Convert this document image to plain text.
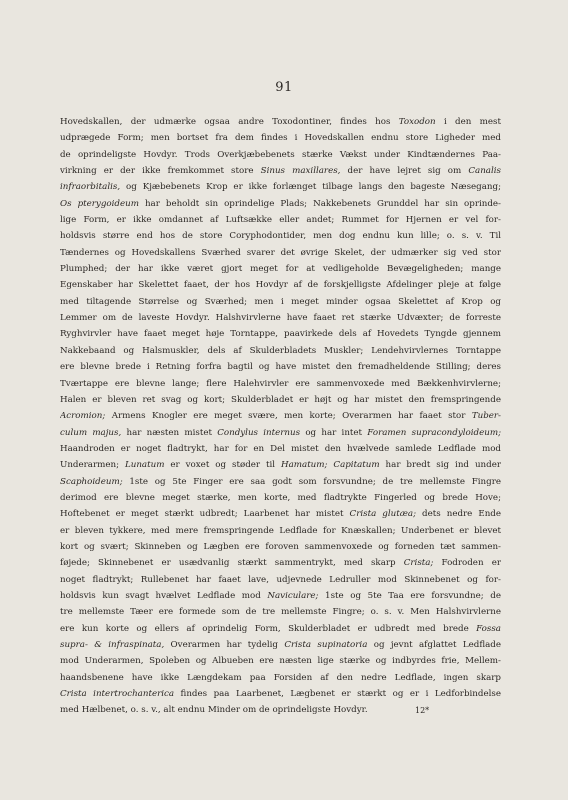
91
Hovedskallen, der udmærke ogsaa andre Toxodontiner, findes hos Toxodon i den mest
udprægede Form; men bortset fra dem findes i Hovedskallen endnu store Ligheder med
de oprindeligste Hovdyr. Trods Overkjæbebenets stærke Vækst under Kindtændernes Paa-
virkning er der ikke fremkommet store Sinus maxillares, der have lejret sig om Canalis
infraorbitalis, og Kjæbebenets Krop er ikke forlænget tilbage langs den bageste Næsegang;
Os pterygoideum har beholdt sin oprindelige Plads; Nakkebenets Grunddel har sin oprinde-
lige Form, er ikke omdannet af Luftsække eller andet; Rummet for Hjernen er vel for-
holdsvis større end hos de store Coryphodontider, men dog endnu kun lille; o. s. v. Til
Tændernes og Hovedskallens Sværhed svarer det øvrige Skelet, der udmærker sig ved stor
Plumphed; der har ikke været gjort meget for at vedligeholde Bevægeligheden; mange
Egenskaber har Skelettet faaet, der hos Hovdyr af de forskjelligste Afdelinger pleje at følge
med tiltagende Størrelse og Sværhed; men i meget minder ogsaa Skelettet af Krop og
Lemmer om de laveste Hovdyr. Halshvirvlerne have faaet ret stærke Udvæxter; de forreste
Ryghvirvler have faaet meget høje Torntappe, paavirkede dels af Hovedets Tyngde gjennem
Nakkebaand og Halsmuskler, dels af Skulderbladets Muskler; Lendehvirvlernes Torntappe
ere blevne brede i Retning forfra bagtil og have mistet den fremadheldende Stilling; deres
Tværtappe ere blevne lange; flere Halehvirvler ere sammenvoxede med Bækkenhvirvlerne;
Halen er bleven ret svag og kort; Skulderbladet er højt og har mistet den fremspringende
Acromion; Armens Knogler ere meget svære, men korte; Overarmen har faaet stor Tuber-
culum majus, har næsten mistet Condylus internus og har intet Foramen supracondyloideum;
Haandroden er noget fladtrykt, har for en Del mistet den hvælvede samlede Ledflade mod
Underarmen; Lunatum er voxet og støder til Hamatum; Capitatum har bredt sig ind under
Scaphoideum; 1ste og 5te Finger ere saa godt som forsvundne; de tre mellemste Fingre
derimod ere blevne meget stærke, men korte, med fladtrykte Fingerled og brede Hove;
Hoftebenet er meget stærkt udbredt; Laarbenet har mistet Crista glutæa; dets nedre Ende
er bleven tykkere, med mere fremspringende Ledflade for Knæskallen; Underbenet er blevet
kort og svært; Skinneben og Lægben ere foroven sammenvoxede og forneden tæt sammen-
føjede; Skinnebenet er usædvanlig stærkt sammentrykt, med skarp Crista; Fodroden er
noget fladtrykt; Rullebenet har faaet lave, udjevnede Ledruller mod Skinnebenet og for-
holdsvis kun svagt hvælvet Ledflade mod Naviculare; 1ste og 5te Taa ere forsvundne; de
tre mellemste Tæer ere formede som de tre mellemste Fingre; o. s. v. Men Halshvirvlerne
ere kun korte og ellers af oprindelig Form, Skulderbladet er udbredt med brede Fossa
supra- & infraspinata, Overarmen har tydelig Crista supinatoria og jevnt afglattet Ledflade
mod Underarmen, Spoleben og Albueben ere næsten lige stærke og indbyrdes frie, Mellem-
haandsbenene have ikke Længdekam paa Forsiden af den nedre Ledflade, ingen skarp
Crista intertrochanterica findes paa Laarbenet, Lægbenet er stærkt og er i Ledforbindelse
med Hælbenet, o. s. v., alt endnu Minder om de oprindeligste Hovdyr.	12*
